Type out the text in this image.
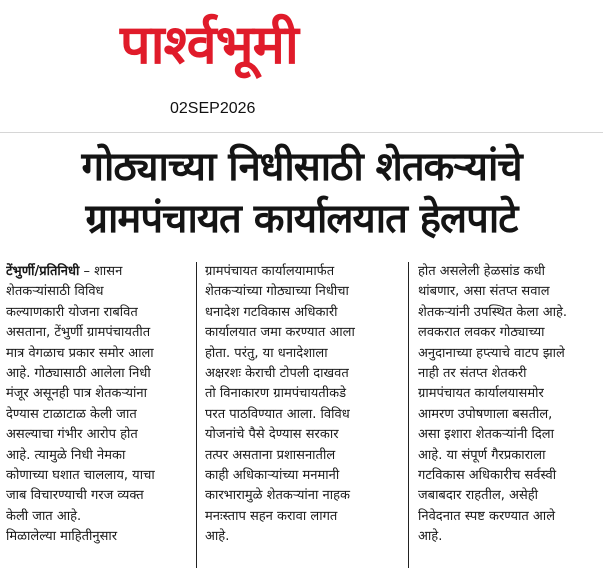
पार्श्वभूमी
02SEP2026
गोठ्याच्या निधीसाठी शेतकऱ्यांचे
ग्रामपंचायत कार्यालयात हेलपाटे
टेंभुर्णी/प्रतिनिधी – शासन
शेतकऱ्यांसाठी विविध
कल्याणकारी योजना राबवित
असताना, टेंभुर्णी ग्रामपंचायतीत
मात्र वेगळाच प्रकार समोर आला
आहे. गोठ्यासाठी आलेला निधी
मंजूर असूनही पात्र शेतकऱ्यांना
देण्यास टाळाटाळ केली जात
असल्याचा गंभीर आरोप होत
आहे. त्यामुळे निधी नेमका
कोणाच्या घशात चाललाय, याचा
जाब विचारण्याची गरज व्यक्त
केली जात आहे.
मिळालेल्या माहितीनुसार
ग्रामपंचायत कार्यालयामार्फत
शेतकऱ्यांच्या गोठ्याच्या निधीचा
धनादेश गटविकास अधिकारी
कार्यालयात जमा करण्यात आला
होता. परंतु, या धनादेशाला
अक्षरशः केराची टोपली दाखवत
तो विनाकारण ग्रामपंचायतीकडे
परत पाठविण्यात आला. विविध
योजनांचे पैसे देण्यास सरकार
तत्पर असताना प्रशासनातील
काही अधिकाऱ्यांच्या मनमानी
कारभारामुळे शेतकऱ्यांना नाहक
मनःस्ताप सहन करावा लागत
आहे.
होत असलेली हेळसांड कधी
थांबणार, असा संतप्त सवाल
शेतकऱ्यांनी उपस्थित केला आहे.
लवकरात लवकर गोठ्याच्या
अनुदानाच्या हप्त्याचे वाटप झाले
नाही तर संतप्त शेतकरी
ग्रामपंचायत कार्यालयासमोर
आमरण उपोषणाला बसतील,
असा इशारा शेतकऱ्यांनी दिला
आहे. या संपूर्ण गैरप्रकाराला
गटविकास अधिकारीच सर्वस्वी
जबाबदार राहतील, असेही
निवेदनात स्पष्ट करण्यात आले
आहे.
